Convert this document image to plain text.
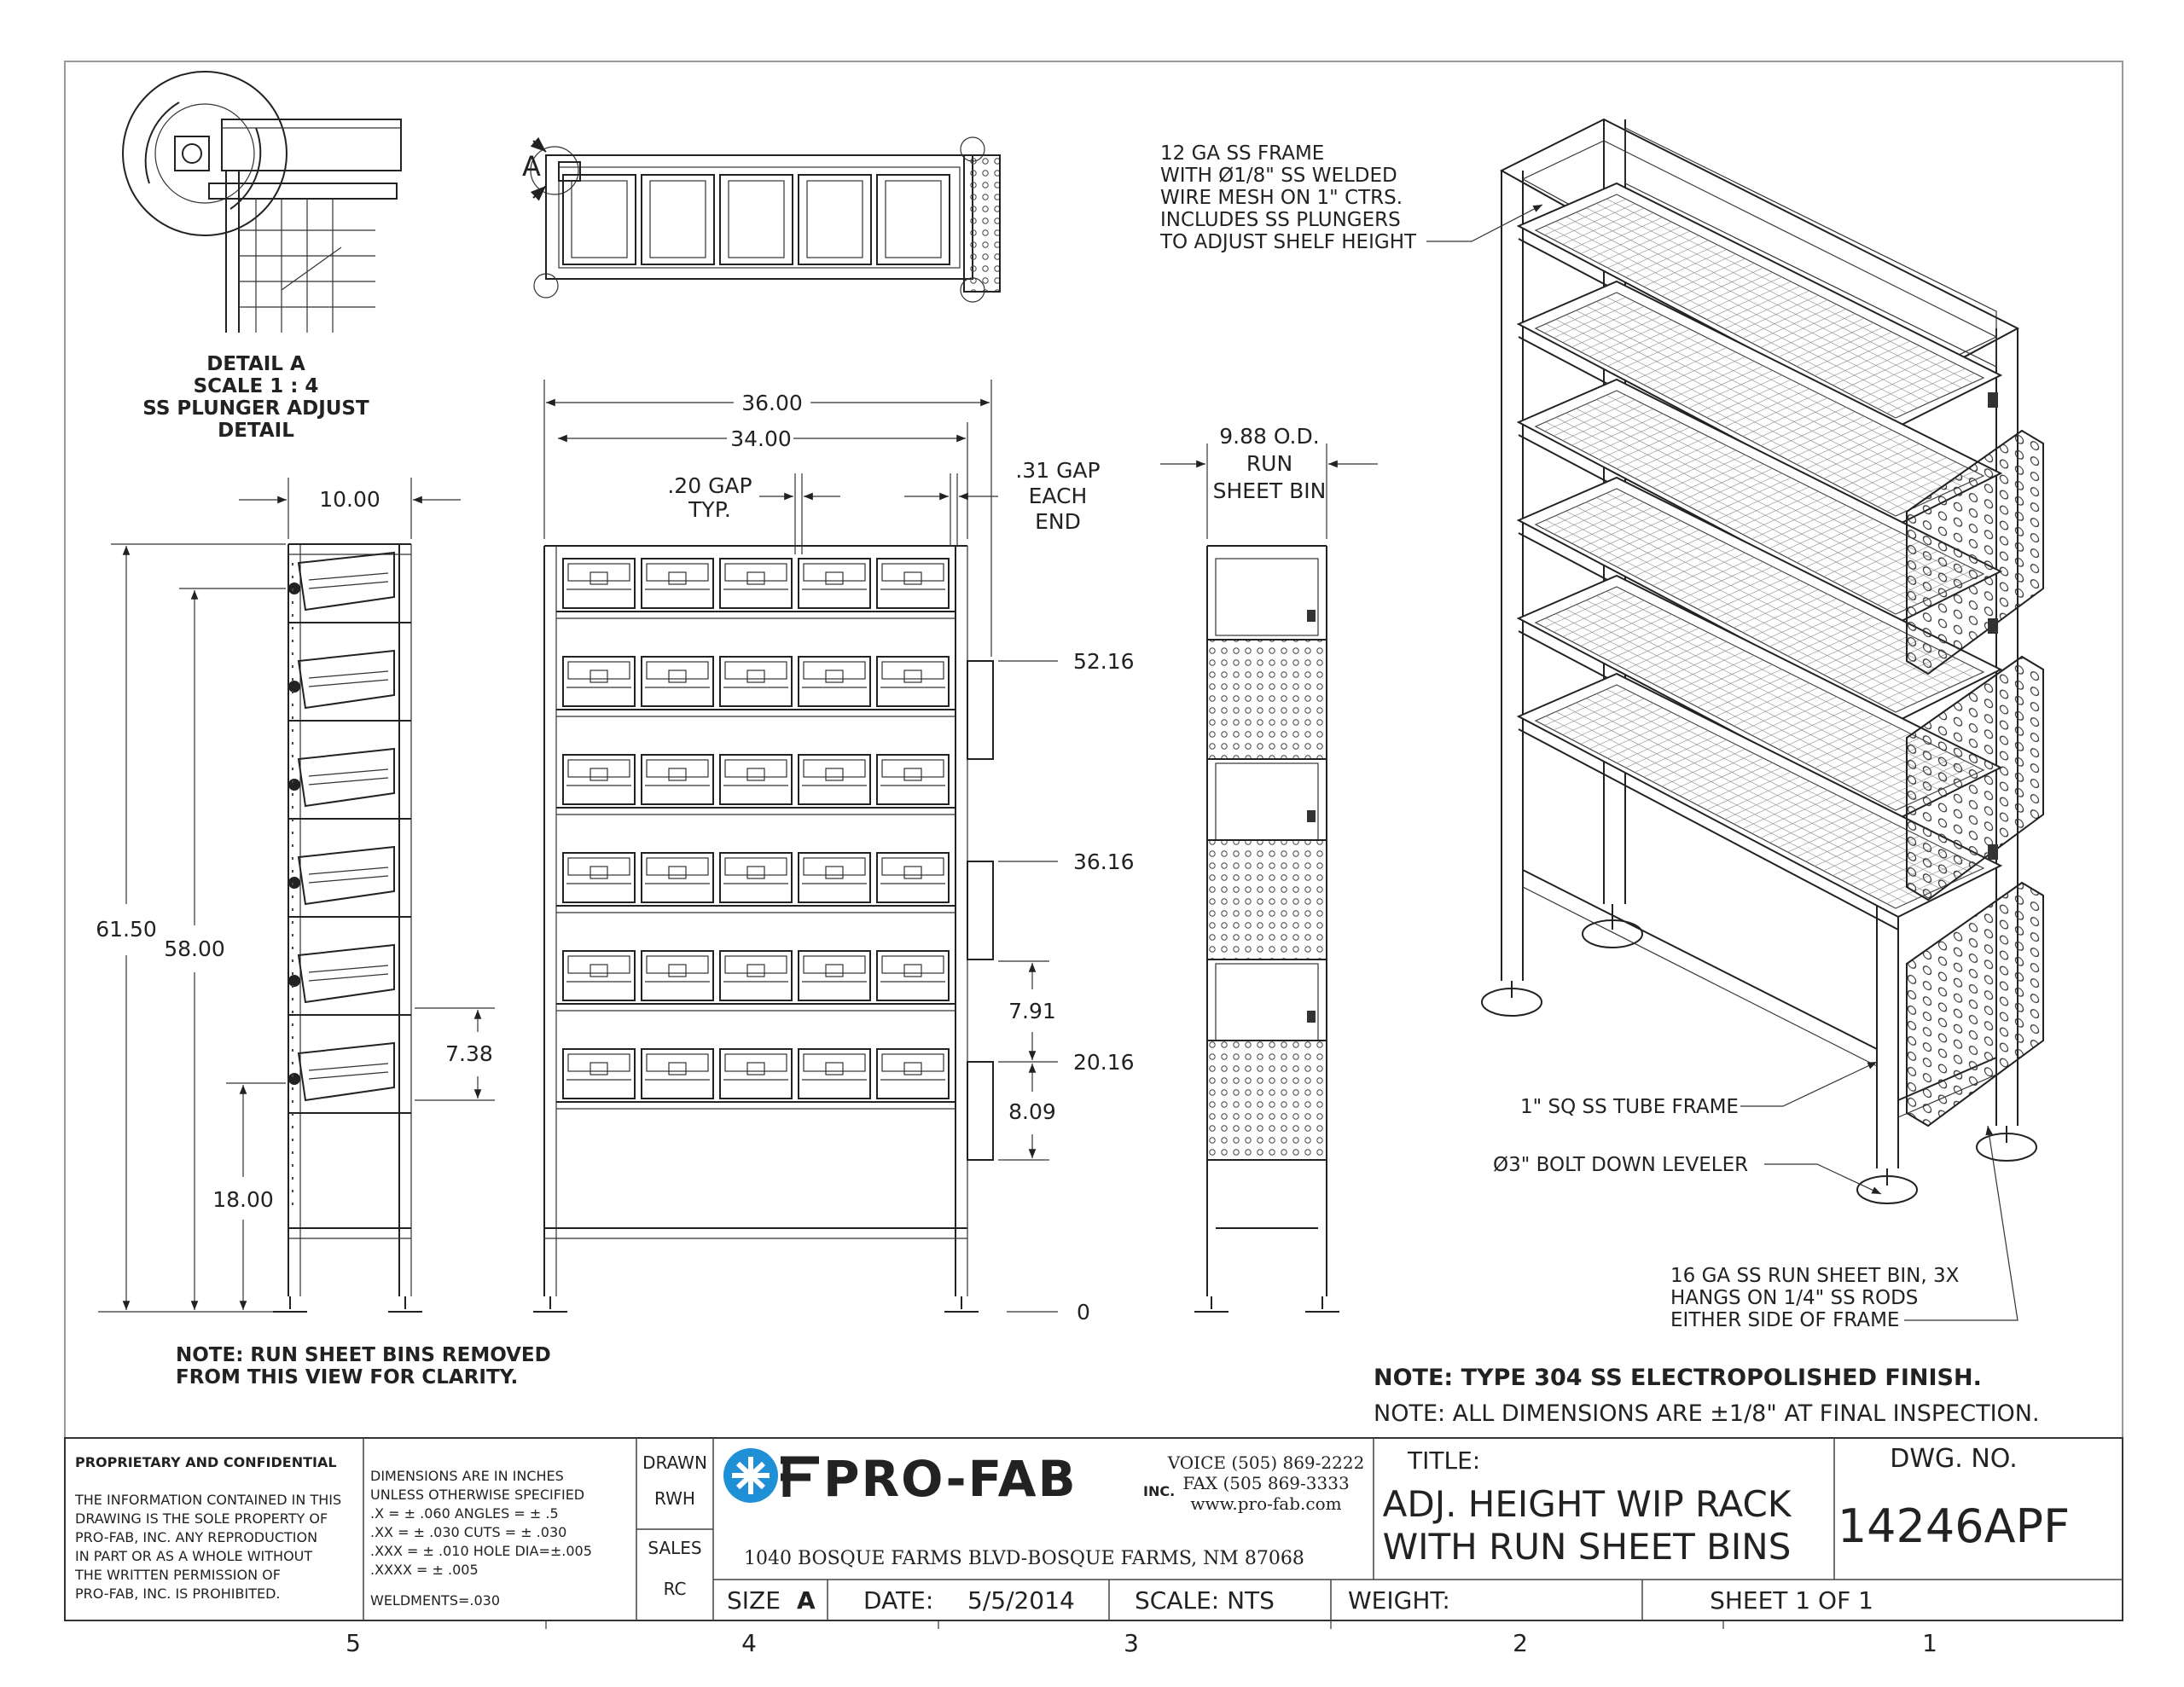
DETAIL A
SCALE 1 : 4
SS PLUNGER ADJUST
DETAIL
A
10.00
61.50
58.00
7.38
18.00
NOTE: RUN SHEET BINS REMOVED
FROM THIS VIEW FOR CLARITY.
36.00
34.00
.20 GAP
TYP.
.31 GAP
EACH
END
52.16
36.16
20.16
0
7.91
8.09
9.88 O.D.
RUN
SHEET BIN
12 GA SS FRAME
WITH Ø1/8" SS WELDED
WIRE MESH ON 1" CTRS.
INCLUDES SS PLUNGERS
TO ADJUST SHELF HEIGHT
1" SQ SS TUBE FRAME
Ø3" BOLT DOWN LEVELER
16 GA SS RUN SHEET BIN, 3X
HANGS ON 1/4" SS RODS
EITHER SIDE OF FRAME
NOTE: TYPE 304 SS ELECTROPOLISHED FINISH.
NOTE: ALL DIMENSIONS ARE ±1/8" AT FINAL INSPECTION.
PROPRIETARY AND CONFIDENTIAL
THE INFORMATION CONTAINED IN THIS
DRAWING IS THE SOLE PROPERTY OF
PRO-FAB, INC. ANY REPRODUCTION
IN PART OR AS A WHOLE WITHOUT
THE WRITTEN PERMISSION OF
PRO-FAB, INC. IS PROHIBITED.
DIMENSIONS ARE IN INCHES
UNLESS OTHERWISE SPECIFIED
.X = ± .060 ANGLES = ± .5
.XX = ± .030 CUTS = ± .030
.XXX = ± .010 HOLE DIA=±.005
.XXXX = ± .005
WELDMENTS=.030
DRAWN
RWH
SALES
RC
PRO-FAB	INC.
VOICE (505) 869-2222
FAX (505 869-3333
www.pro-fab.com
1040 BOSQUE FARMS BLVD-BOSQUE FARMS, NM 87068
TITLE:
ADJ. HEIGHT WIP RACK
WITH RUN SHEET BINS
DWG. NO.
14246APF
SIZE A DATE: 5/5/2014	SCALE: NTS	WEIGHT:	SHEET 1 OF 1
5	4	3	2	1
